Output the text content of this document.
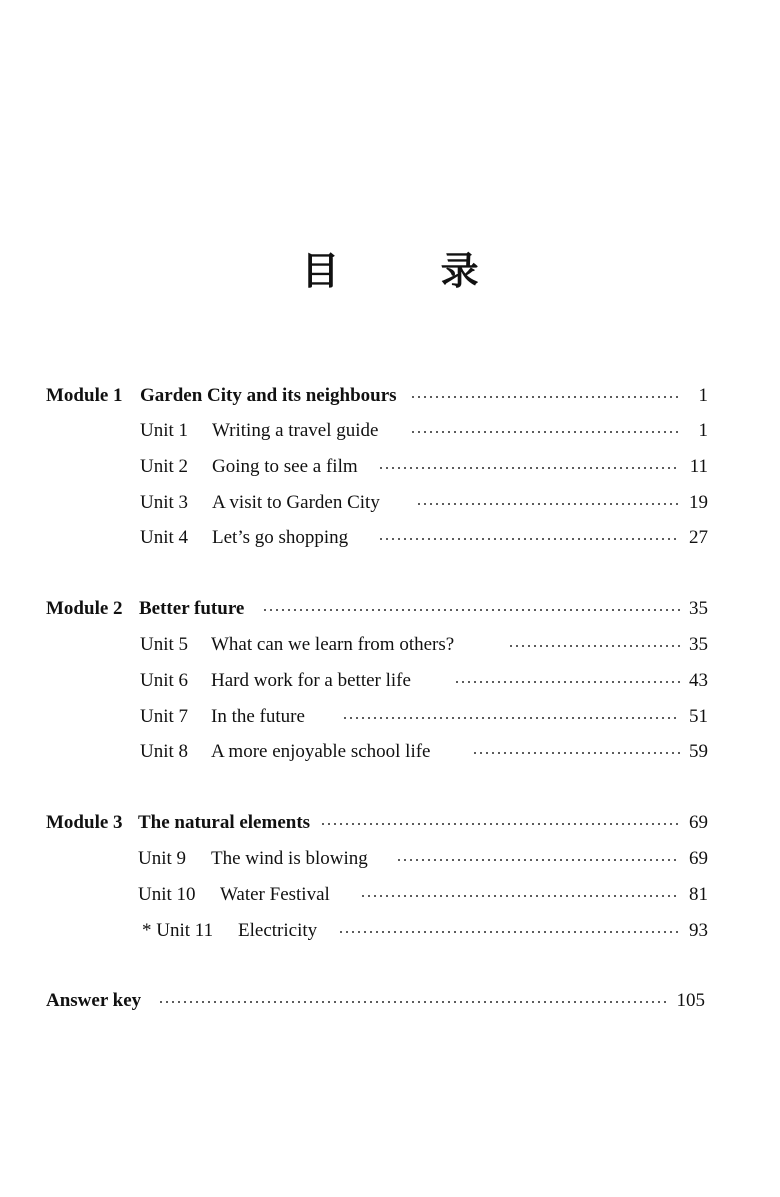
目 录
Module 1 Garden City and its neighbours	1
Unit 1 Writing a travel guide	1
Unit 2 Going to see a film	11
Unit 3 A visit to Garden City	19
Unit 4 Let’s go shopping	27
Module 2 Better future	35
Unit 5 What can we learn from others?	35
Unit 6 Hard work for a better life	43
Unit 7 In the future	51
Unit 8 A more enjoyable school life	59
Module 3 The natural elements	69
Unit 9 The wind is blowing	69
Unit 10 Water Festival	81
* Unit 11 Electricity	93
Answer key	105
